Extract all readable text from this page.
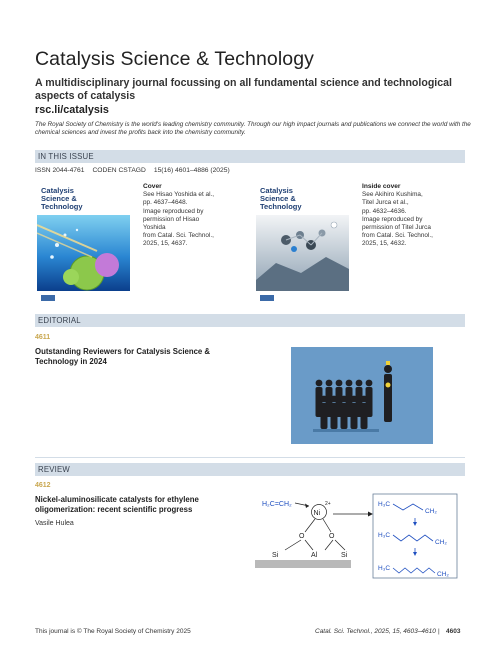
Catalysis Science & Technology
A multidisciplinary journal focussing on all fundamental science and technological aspects of catalysis
rsc.li/catalysis
The Royal Society of Chemistry is the world's leading chemistry community. Through our high impact journals and publications we connect the world with the chemical sciences and invest the profits back into the chemistry community.
IN THIS ISSUE
ISSN 2044-4761 CODEN CSTAGD 15(16) 4601–4886 (2025)
Catalysis
Science &
Technology
Cover
See Hisao Yoshida et al.,
pp. 4637–4648.
Image reproduced by
permission of Hisao Yoshida
from Catal. Sci. Technol.,
2025, 15, 4637.
Catalysis
Science &
Technology
Inside cover
See Akihiro Kushima,
Titel Jurca et al.,
pp. 4632–4636.
Image reproduced by
permission of Titel Jurca
from Catal. Sci. Technol.,
2025, 15, 4632.
EDITORIAL
4611
Outstanding Reviewers for Catalysis Science &
Technology in 2024
REVIEW
4612
Nickel-aluminosilicate catalysts for ethylene
oligomerization: recent scientific progress
Vasile Hulea
H₂C=CH₂
Ni
2+
O	O
Si	Al	Si
H₃C
CH₂
H₃C
CH₂
H₃C
CH₂
This journal is © The Royal Society of Chemistry 2025	Catal. Sci. Technol., 2025, 15, 4603–4610 | 4603
